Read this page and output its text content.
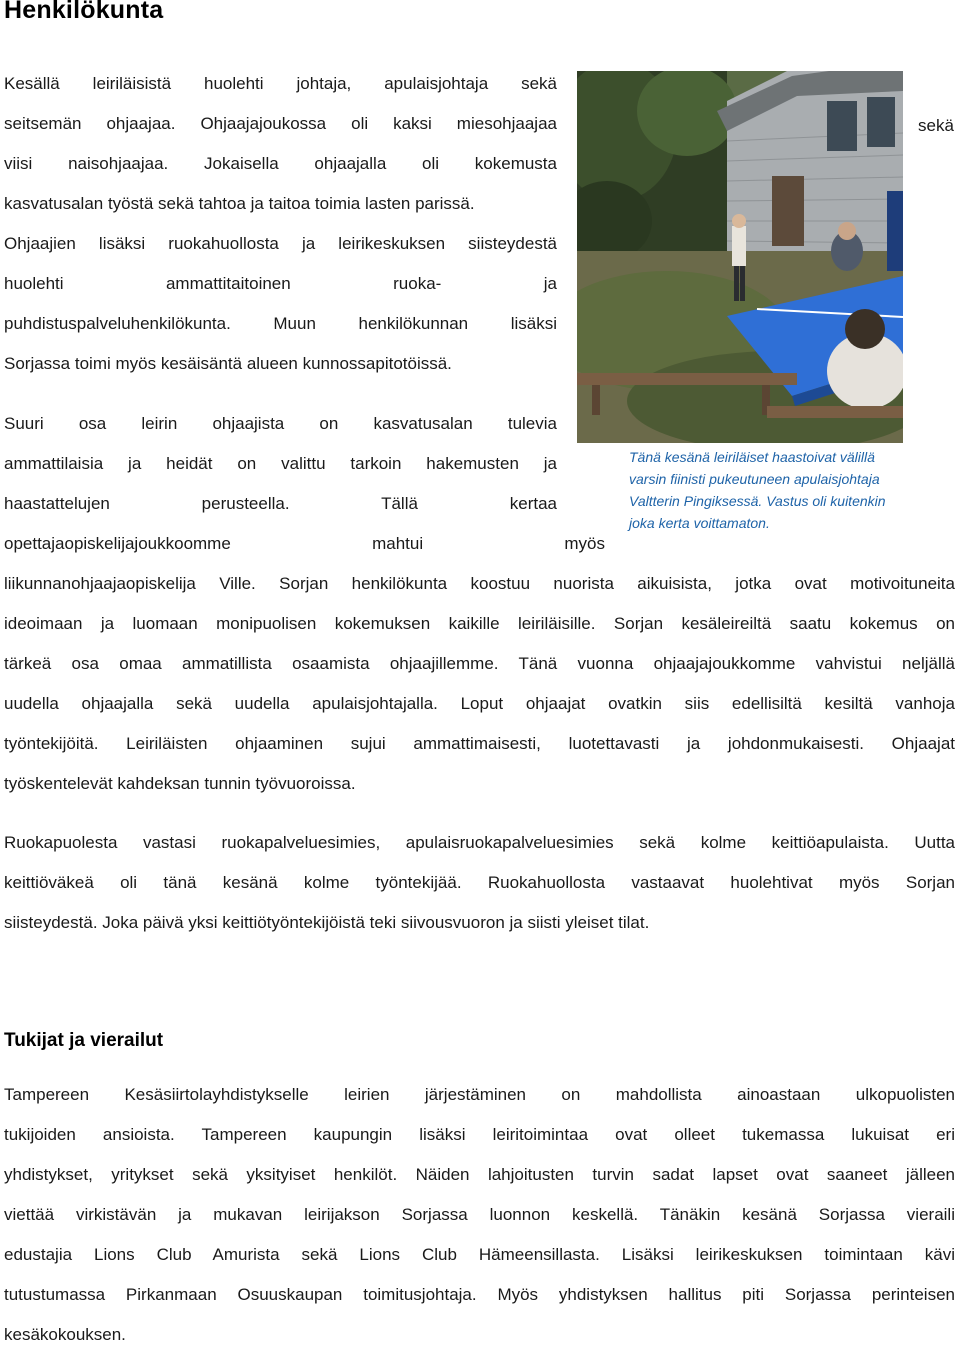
Henkilökunta
Kesällä leiriläisistä huolehti johtaja, apulaisjohtaja sekä
seitsemän ohjaajaa. Ohjaajajoukossa oli kaksi miesohjaajaa
viisi naisohjaajaa. Jokaisella ohjaajalla oli kokemusta
kasvatusalan työstä sekä tahtoa ja taitoa toimia lasten parissä.
Ohjaajien lisäksi ruokahuollosta ja leirikeskuksen siisteydestä
huolehti ammattitaitoinen ruoka- ja
puhdistuspalveluhenkilökunta. Muun henkilökunnan lisäksi
Sorjassa toimi myös kesäisäntä alueen kunnossapitotöissä.
sekä
Tänä kesänä leiriläiset haastoivat välillä
varsin fiinisti pukeutuneen apulaisjohtaja
Valtterin Pingiksessä. Vastus oli kuitenkin
joka kerta voittamaton.
Suuri osa leirin ohjaajista on kasvatusalan tulevia
ammattilaisia ja heidät on valittu tarkoin hakemusten ja
haastattelujen perusteella. Tällä kertaa
opettajaopiskelijajoukkoomme mahtui myös
liikunnanohjaajaopiskelija Ville. Sorjan henkilökunta koostuu nuorista aikuisista, jotka ovat motivoituneita
ideoimaan ja luomaan monipuolisen kokemuksen kaikille leiriläisille. Sorjan kesäleireiltä saatu kokemus on
tärkeä osa omaa ammatillista osaamista ohjaajillemme. Tänä vuonna ohjaajajoukkomme vahvistui neljällä
uudella ohjaajalla sekä uudella apulaisjohtajalla. Loput ohjaajat ovatkin siis edellisiltä kesiltä vanhoja
työntekijöitä. Leiriläisten ohjaaminen sujui ammattimaisesti, luotettavasti ja johdonmukaisesti. Ohjaajat
työskentelevät kahdeksan tunnin työvuoroissa.
Ruokapuolesta vastasi ruokapalveluesimies, apulaisruokapalveluesimies sekä kolme keittiöapulaista. Uutta
keittiöväkeä oli tänä kesänä kolme työntekijää. Ruokahuollosta vastaavat huolehtivat myös Sorjan
siisteydestä. Joka päivä yksi keittiötyöntekijöistä teki siivousvuoron ja siisti yleiset tilat.
Tukijat ja vierailut
Tampereen Kesäsiirtolayhdistykselle leirien järjestäminen on mahdollista ainoastaan ulkopuolisten
tukijoiden ansioista. Tampereen kaupungin lisäksi leiritoimintaa ovat olleet tukemassa lukuisat eri
yhdistykset, yritykset sekä yksityiset henkilöt. Näiden lahjoitusten turvin sadat lapset ovat saaneet jälleen
viettää virkistävän ja mukavan leirijakson Sorjassa luonnon keskellä. Tänäkin kesänä Sorjassa vieraili
edustajia Lions Club Amurista sekä Lions Club Hämeensillasta. Lisäksi leirikeskuksen toimintaan kävi
tutustumassa Pirkanmaan Osuuskaupan toimitusjohtaja. Myös yhdistyksen hallitus piti Sorjassa perinteisen
kesäkokouksen.
